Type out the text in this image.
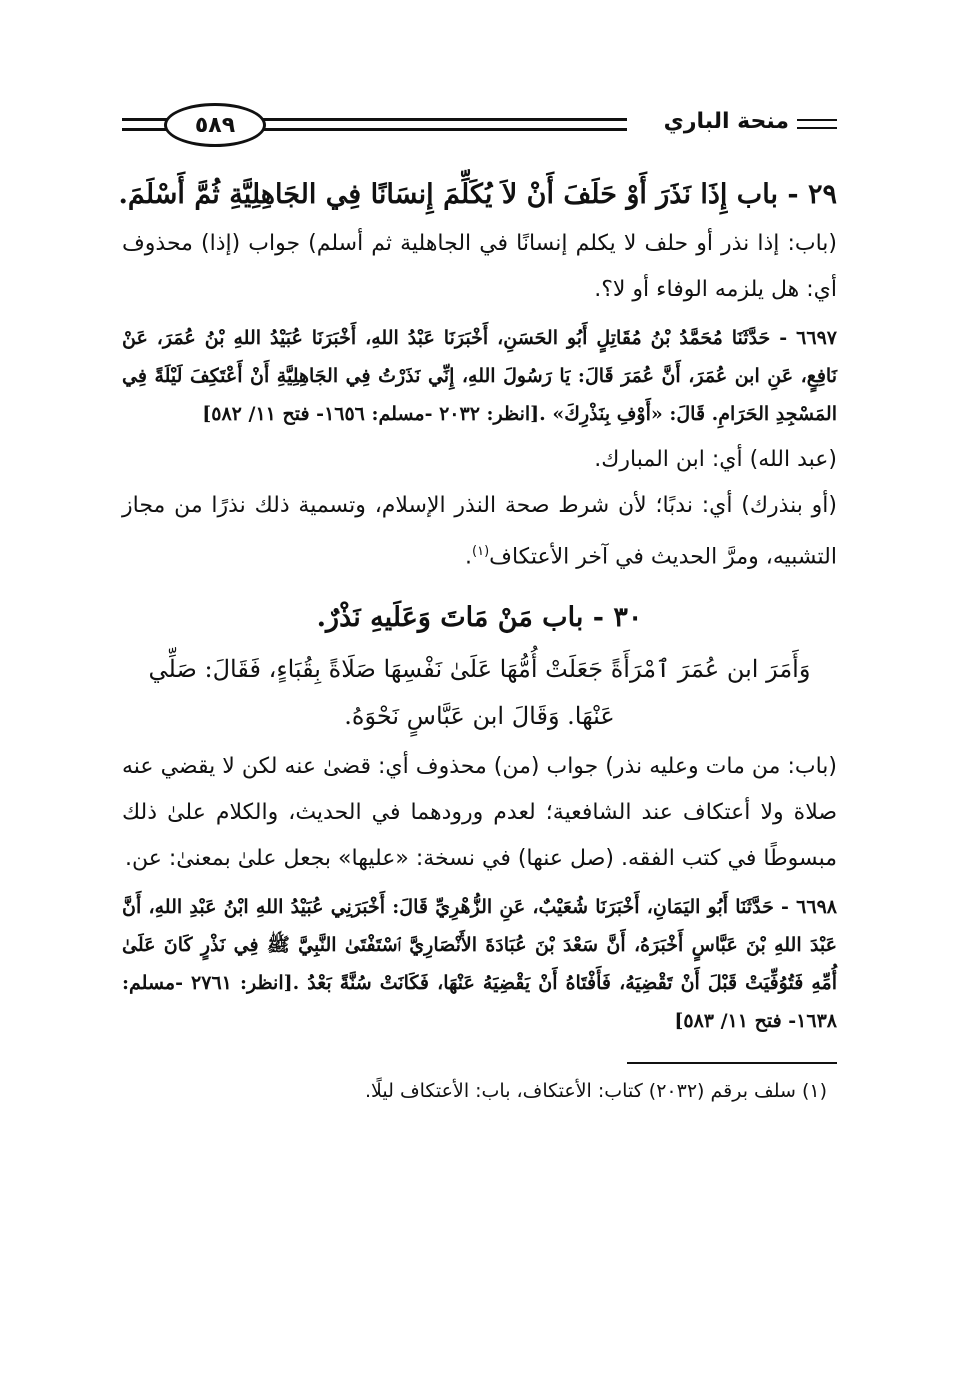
منحة الباري
٥٨٩
٢٩ - باب إِذَا نَذَرَ أَوْ حَلَفَ أَنْ لاَ يُكَلِّمَ إِنسَانًا فِي الجَاهِلِيَّةِ ثُمَّ أَسْلَمَ.

(باب: إذا نذر أو حلف لا يكلم إنسانًا في الجاهلية ثم أسلم) جواب (إذا) محذوف أي: هل يلزمه الوفاء أو لا؟.

٦٦٩٧ - حَدَّثَنَا مُحَمَّدُ بْنُ مُقَاتِلٍ أَبُو الحَسَنِ، أَخْبَرَنَا عَبْدُ اللهِ، أَخْبَرَنَا عُبَيْدُ اللهِ بْنُ عُمَرَ، عَنْ نَافِعٍ، عَنِ ابن عُمَرَ، أَنَّ عُمَرَ قَالَ: يَا رَسُولَ اللهِ، إِنِّي نَذَرْتُ فِي الجَاهِلِيَّةِ أَنْ أَعْتَكِفَ لَيْلَةً فِي المَسْجِدِ الحَرَامِ. قَالَ: «أَوْفِ بِنَذْرِكَ» .[انظر: ٢٠٣٢ -مسلم: ١٦٥٦- فتح ١١/ ٥٨٢]

(عبد الله) أي: ابن المبارك.

(أو بنذرك) أي: ندبًا؛ لأن شرط صحة النذر الإسلام، وتسمية ذلك نذرًا من مجاز التشبيه، ومرَّ الحديث في آخر الأعتكاف$^{(١)}$.

٣٠ - باب مَنْ مَاتَ وَعَلَيهِ نَذْرٌ.
وَأَمَرَ ابن عُمَرَ ٱمْرَأَةً جَعَلَتْ أُمُّهَا عَلَىٰ نَفْسِهَا صَلَاةً بِقُبَاءٍ، فَقَالَ: صَلِّي عَنْهَا. وَقَالَ ابن عَبَّاسٍ نَحْوَهُ.

(باب: من مات وعليه نذر) جواب (من) محذوف أي: قضىٰ عنه لكن لا يقضي عنه صلاة ولا أعتكاف عند الشافعية؛ لعدم ورودهما في الحديث، والكلام علىٰ ذلك مبسوطًا في كتب الفقه. (صل عنها) في نسخة: «عليها» بجعل علىٰ بمعنىٰ: عن.

٦٦٩٨ - حَدَّثَنَا أَبُو اليَمَانِ، أَخْبَرَنَا شُعَيْبٌ، عَنِ الزُّهْرِيِّ قَالَ: أَخْبَرَنِي عُبَيْدُ اللهِ ابْنُ عَبْدِ اللهِ، أَنَّ عَبْدَ اللهِ بْنَ عَبَّاسٍ أَخْبَرَهُ، أَنَّ سَعْدَ بْنَ عُبَادَةَ الأَنْصَارِيَّ ٱسْتَفْتَىٰ النَّبِيَّ ﷺ فِي نَذْرٍ كَانَ عَلَىٰ أُمِّهِ فَتُوُفِّيَتْ قَبْلَ أَنْ تَقْضِيَهُ، فَأَفْتَاهُ أَنْ يَقْضِيَهُ عَنْهَا، فَكَانَتْ سُنَّةً بَعْدُ .[انظر: ٢٧٦١ -مسلم: ١٦٣٨- فتح ١١/ ٥٨٣]
(١) سلف برقم (٢٠٣٢) كتاب: الأعتكاف، باب: الأعتكاف ليلًا.
